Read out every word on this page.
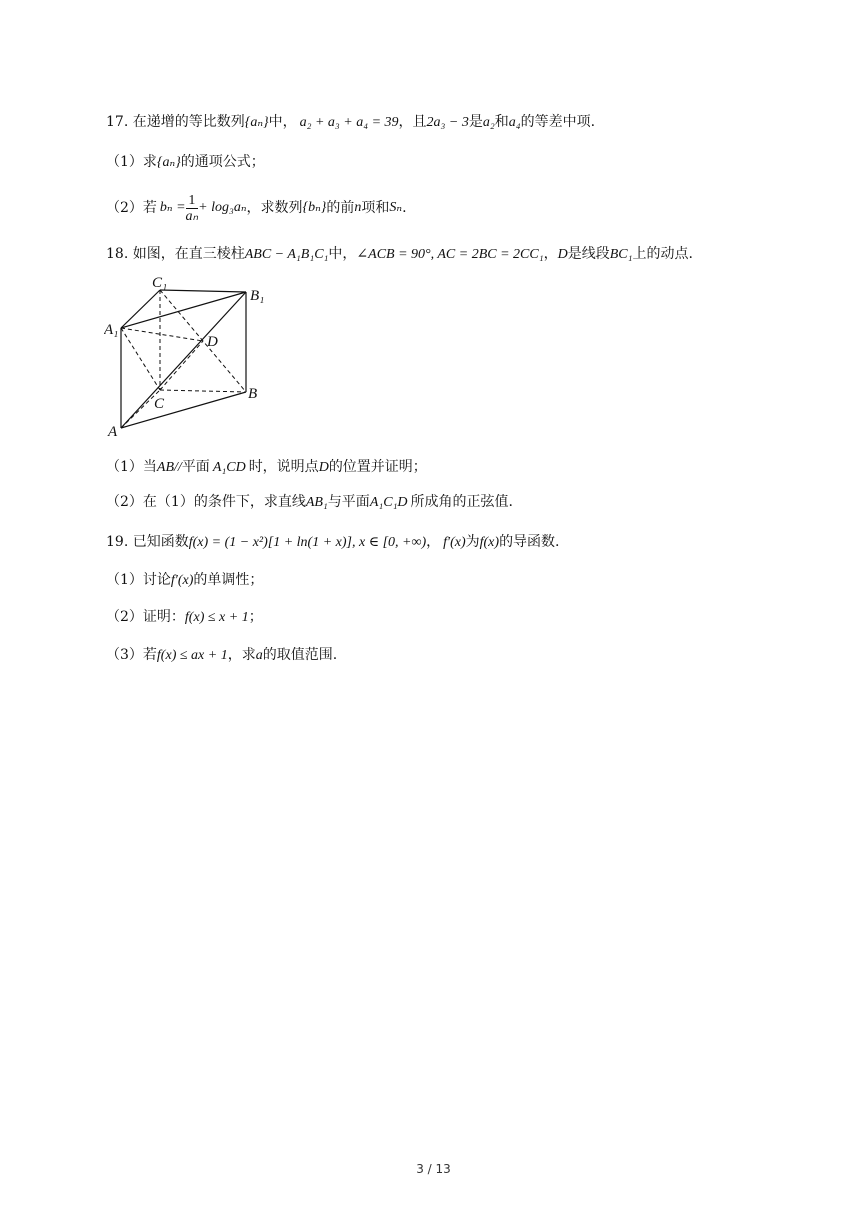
17. 在递增的等比数列{aₙ}中， a₂ + a₃ + a₄ = 39，且2a₃ − 3是a₂和a₄的等差中项.
（1）求{aₙ}的通项公式；
（2）若 $b_n = \frac{1}{\text{aₙ}} + \log_3a_n$，求数列{bₙ}的前n项和Sₙ.
18. 如图，在直三棱柱ABC − A₁B₁C₁中，∠ACB = 90°, AC = 2BC = 2CC₁，D是线段BC₁上的动点.
C₁
B₁
A₁
D
C
B
A
（1）当AB//平面 A₁CD 时，说明点D的位置并证明；
（2）在（1）的条件下，求直线AB₁与平面A₁C₁D 所成角的正弦值.
19. 已知函数f(x) = (1 − x²)[1 + ln(1 + x)], x ∈ [0, +∞)， f′(x)为f(x)的导函数.
（1）讨论f′(x)的单调性；
（2）证明：f(x) ≤ x + 1；
（3）若f(x) ≤ ax + 1，求a的取值范围.
3 / 13
